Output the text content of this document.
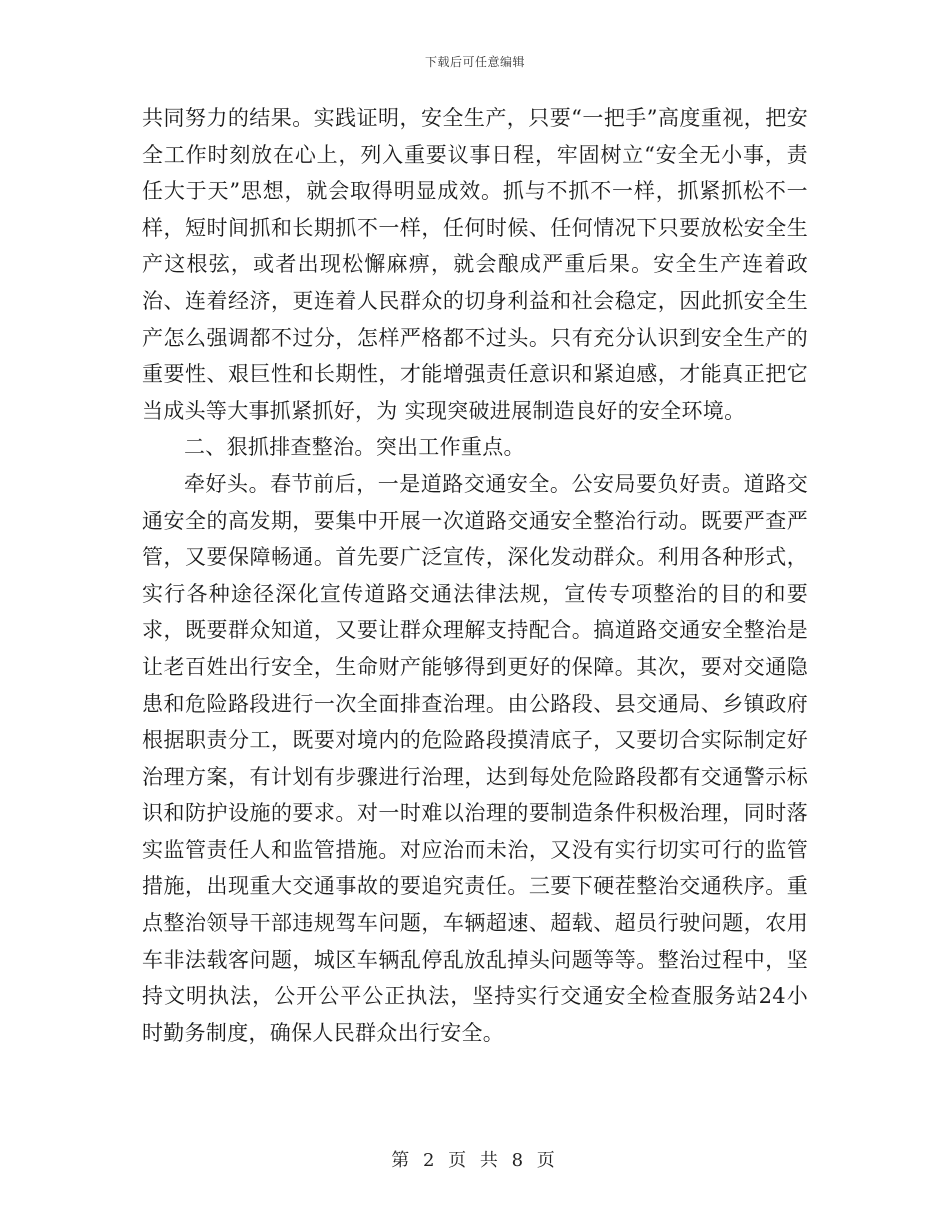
下载后可任意编辑

共同努力的结果。实践证明，安全生产，只要“一把手”高度重视，把安全工作时刻放在心上，列入重要议事日程，牢固树立“安全无小事，责任大于天”思想，就会取得明显成效。抓与不抓不一样，抓紧抓松不一样，短时间抓和长期抓不一样，任何时候、任何情况下只要放松安全生产这根弦，或者出现松懈麻痹，就会酿成严重后果。安全生产连着政治、连着经济，更连着人民群众的切身利益和社会稳定，因此抓安全生产怎么强调都不过分，怎样严格都不过头。只有充分认识到安全生产的重要性、艰巨性和长期性，才能增强责任意识和紧迫感，才能真正把它当成头等大事抓紧抓好，为 实现突破进展制造良好的安全环境。

二、狠抓排查整治。突出工作重点。

牵好头。春节前后，一是道路交通安全。公安局要负好责。道路交通安全的高发期，要集中开展一次道路交通安全整治行动。既要严查严管，又要保障畅通。首先要广泛宣传，深化发动群众。利用各种形式，实行各种途径深化宣传道路交通法律法规，宣传专项整治的目的和要求，既要群众知道，又要让群众理解支持配合。搞道路交通安全整治是让老百姓出行安全，生命财产能够得到更好的保障。其次，要对交通隐患和危险路段进行一次全面排查治理。由公路段、县交通局、乡镇政府根据职责分工，既要对境内的危险路段摸清底子，又要切合实际制定好治理方案，有计划有步骤进行治理，达到每处危险路段都有交通警示标识和防护设施的要求。对一时难以治理的要制造条件积极治理，同时落实监管责任人和监管措施。对应治而未治，又没有实行切实可行的监管措施，出现重大交通事故的要追究责任。三要下硬茬整治交通秩序。重点整治领导干部违规驾车问题，车辆超速、超载、超员行驶问题，农用车非法载客问题，城区车辆乱停乱放乱掉头问题等等。整治过程中，坚持文明执法，公开公平公正执法，坚持实行交通安全检查服务站24小时勤务制度，确保人民群众出行安全。

第 2 页 共 8 页
